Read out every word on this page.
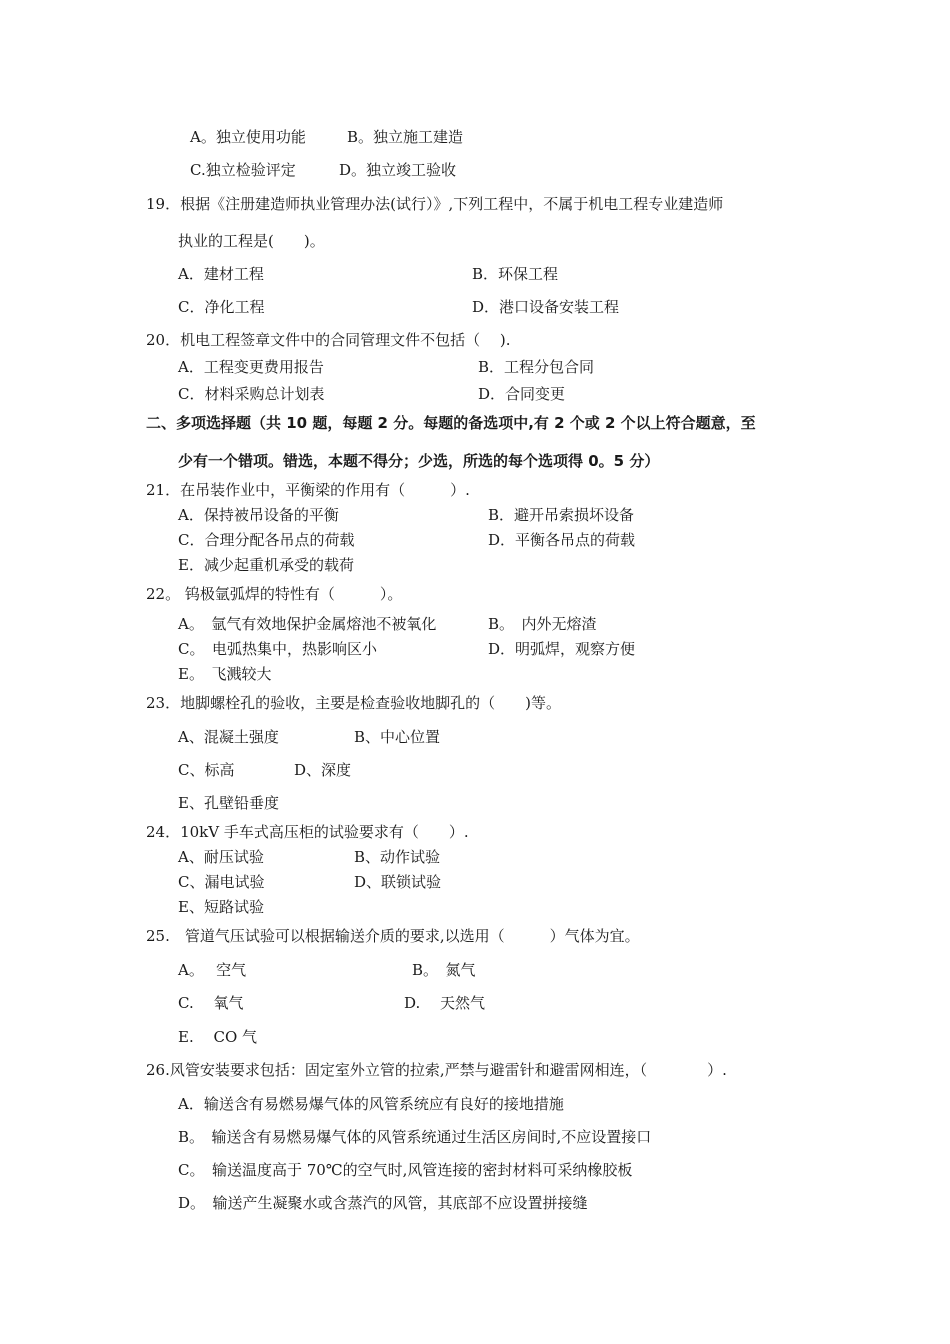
A。独立使用功能	B。独立施工建造
C.独立检验评定	D。独立竣工验收
19．根据《注册建造师执业管理办法(试行）》,下列工程中，不属于机电工程专业建造师
执业的工程是(　　)。
A．建材工程	B．环保工程
C．净化工程	D．港口设备安装工程
20．机电工程签章文件中的合同管理文件不包括（　 ).
A．工程变更费用报告	B．工程分包合同
C．材料采购总计划表	D．合同变更
二、多项选择题（共 10 题，每题 2 分。每题的备选项中,有 2 个或 2 个以上符合题意，至
少有一个错项。错选，本题不得分；少选，所选的每个选项得 0。5 分）
21．在吊装作业中，平衡梁的作用有（　　　）.
A．保持被吊设备的平衡	B．避开吊索损坏设备
C．合理分配各吊点的荷载	D．平衡各吊点的荷载
E．减少起重机承受的载荷
22。 钨极氩弧焊的特性有（　　　）。
A。　氩气有效地保护金属熔池不被氧化	B。　内外无熔渣
C。　电弧热集中，热影响区小	D．明弧焊，观察方便
E。　飞溅较大
23．地脚螺栓孔的验收，主要是检查验收地脚孔的（　　)等。
A、混凝土强度	B、中心位置
C、标高	D、深度
E、孔壁铅垂度
24．10kV 手车式高压柜的试验要求有（　　）.
A、耐压试验	B、动作试验
C、漏电试验	D、联锁试验
E、短路试验
25.　管道气压试验可以根据输送介质的要求,以选用（　　　）气体为宜。
A。　 空气	B。　氮气
C.　 氧气	D.　 天然气
E.　 CO 气
26.风管安装要求包括：固定室外立管的拉索,严禁与避雷针和避雷网相连，（　　　　）.
A．输送含有易燃易爆气体的风管系统应有良好的接地措施
B。　输送含有易燃易爆气体的风管系统通过生活区房间时,不应设置接口
C。　输送温度高于 70℃的空气时,风管连接的密封材料可采纳橡胶板
D。　输送产生凝聚水或含蒸汽的风管，其底部不应设置拼接缝
